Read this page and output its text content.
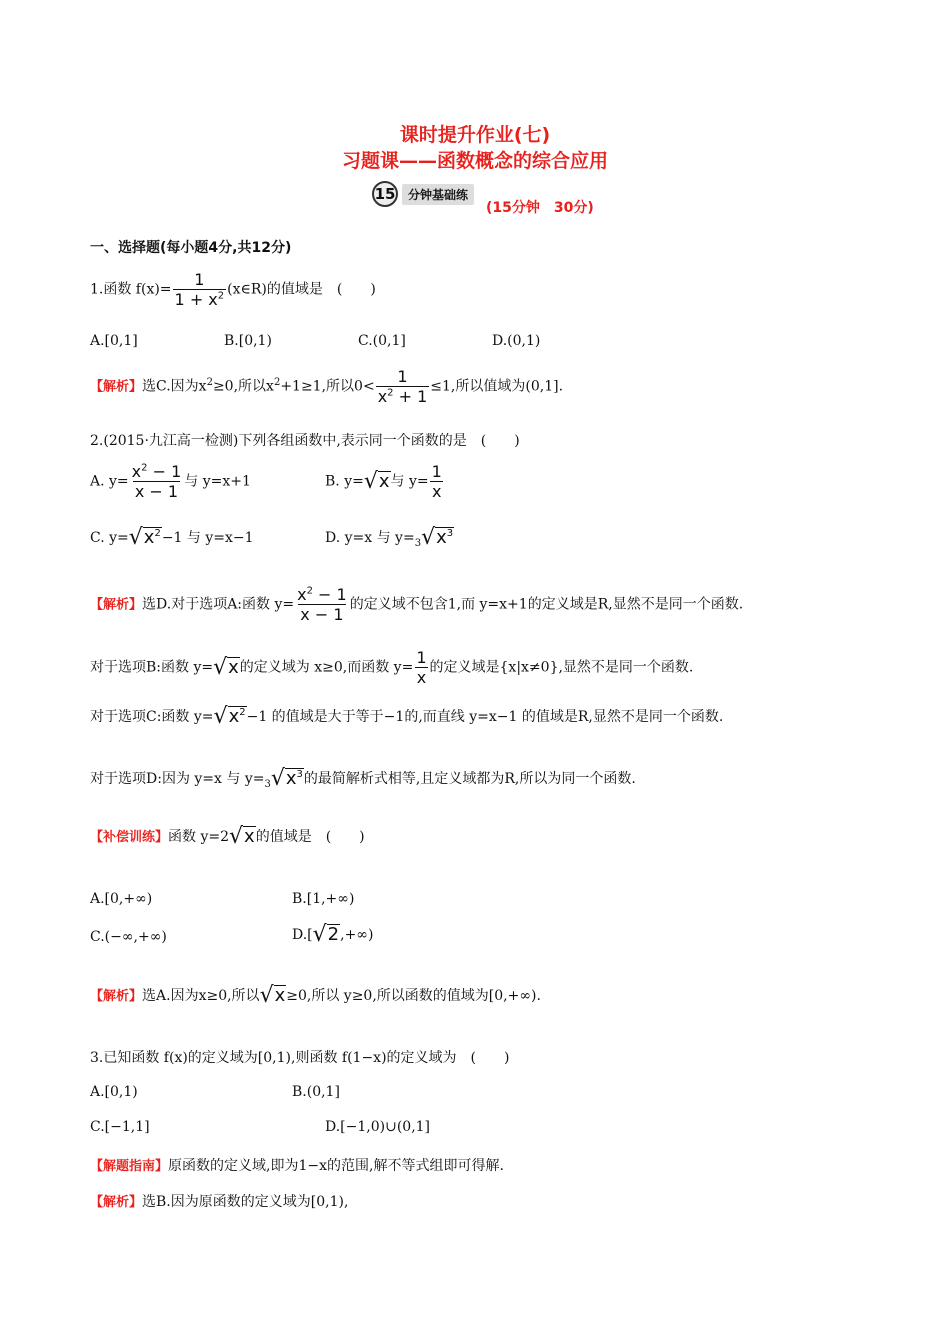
课时提升作业(七)
习题课——函数概念的综合应用
15	分钟基础练
(15分钟　30分)
一、选择题(每小题4分,共12分)
1.函数 $f(x)= \frac{1}{1 + x^2}$ (x∈R)的值域是　(　　)
A.[0,1]	B.[0,1)	C.(0,1]	D.(0,1)
【解析】选C.因为$x^2\ge 0$,所以$x^2+1\ge 1$,所以$0< \frac{1}{x^2 + 1} \le 1$,所以值域为(0,1].
2.(2015·九江高一检测)下列各组函数中,表示同一个函数的是　(　　)
A. $y= \frac{x^2 - 1}{x - 1}$ 与 y=x+1	B. y= √ x 与 $y= \frac{1}{x}$
C. y= √ $x^2 -1$ 与 y=x−1	D. y=x 与 $y=_3$ √ $x^3$
【解析】选D.对于选项A:函数 $y= \frac{x^2 - 1}{x - 1}$ 的定义域不包含1,而 y=x+1的定义域是R,显然不是同一个函数.
对于选项B:函数 y= √ x 的定义域为 x≥0,而函数 $y= \frac{1}{x}$ 的定义域是{x|x≠0},显然不是同一个函数.
对于选项C:函数 y= √ $x^2 -1$ 的值域是大于等于−1的,而直线 y=x−1 的值域是R,显然不是同一个函数.
对于选项D:因为 y=x 与 $y=_3$ √ $x^3$ 的最简解析式相等,且定义域都为R,所以为同一个函数.
【补偿训练】函数 y=2 √ x 的值域是　(　　)
A.[0,+∞)	B.[1,+∞)
C.(−∞,+∞)	D.[ √ 2 ,+∞)
【解析】选A.因为x≥0,所以 √ x ≥0,所以 y≥0,所以函数的值域为[0,+∞).
3.已知函数 f(x)的定义域为[0,1),则函数 f(1−x)的定义域为　(　　)
A.[0,1)	B.(0,1]
C.[−1,1]	D.[−1,0)∪(0,1]
【解题指南】原函数的定义域,即为1−x的范围,解不等式组即可得解.
【解析】选B.因为原函数的定义域为[0,1),
